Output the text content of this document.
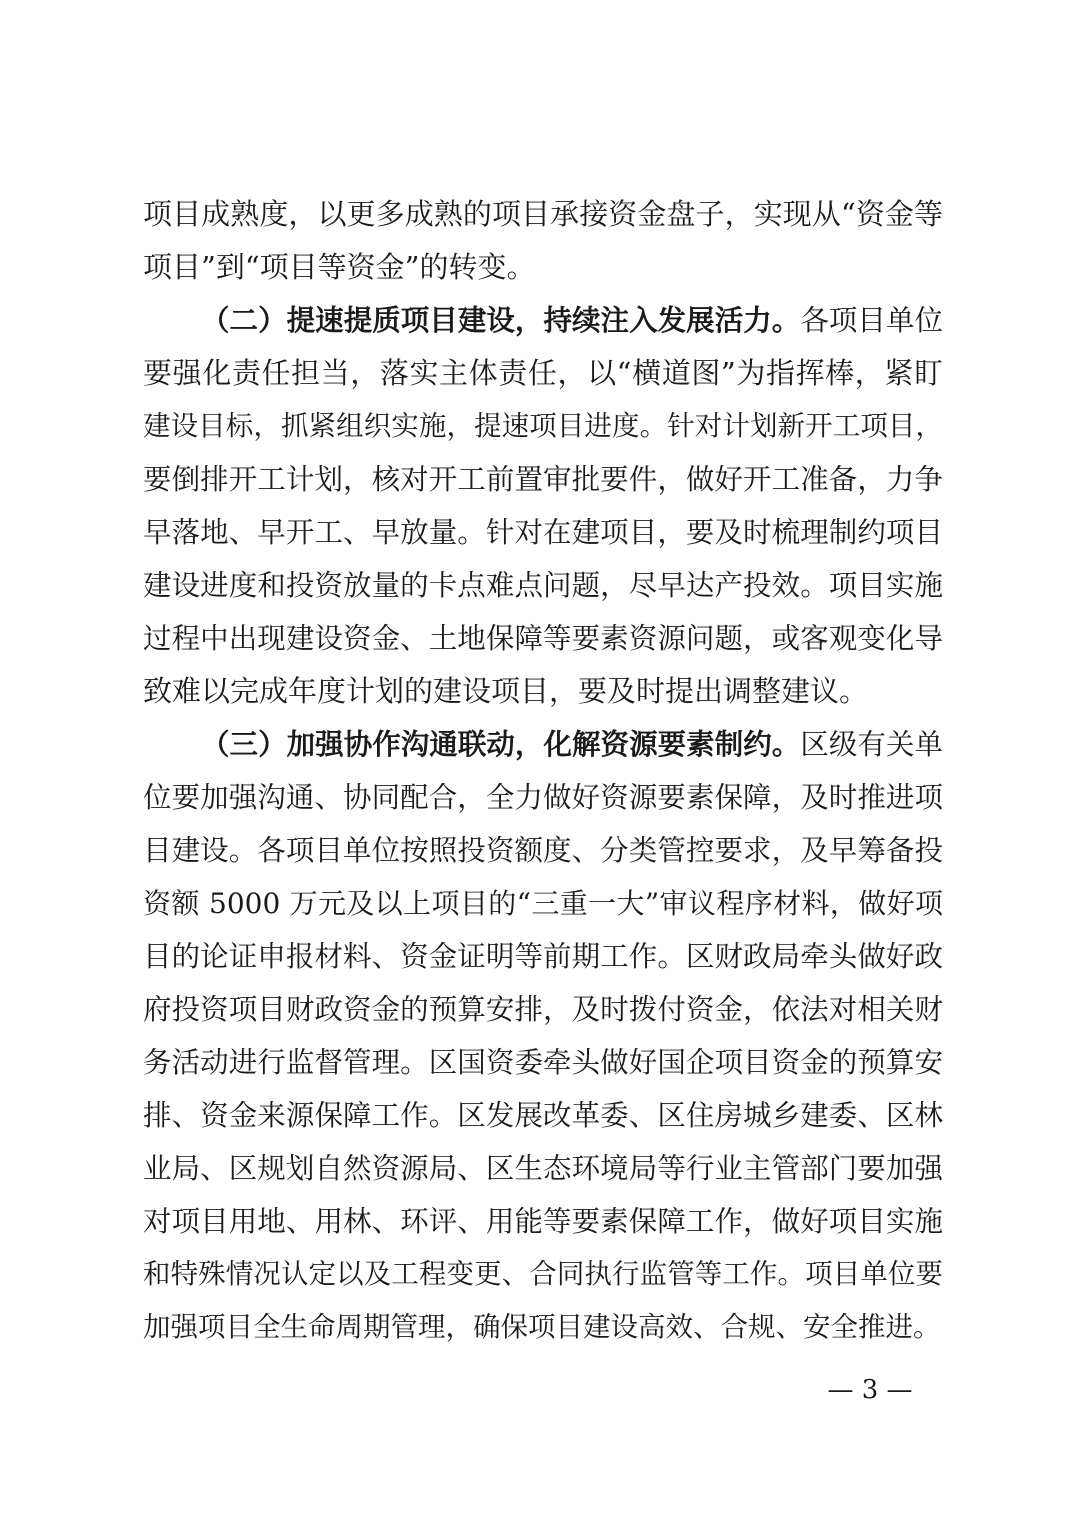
项目成熟度，以更多成熟的项目承接资金盘子，实现从“资金等
项目”到“项目等资金”的转变。
（二）提速提质项目建设，持续注入发展活力。各项目单位
要强化责任担当，落实主体责任，以“横道图”为指挥棒，紧盯
建设目标，抓紧组织实施，提速项目进度。针对计划新开工项目，
要倒排开工计划，核对开工前置审批要件，做好开工准备，力争
早落地、早开工、早放量。针对在建项目，要及时梳理制约项目
建设进度和投资放量的卡点难点问题，尽早达产投效。项目实施
过程中出现建设资金、土地保障等要素资源问题，或客观变化导
致难以完成年度计划的建设项目，要及时提出调整建议。
（三）加强协作沟通联动，化解资源要素制约。区级有关单
位要加强沟通、协同配合，全力做好资源要素保障，及时推进项
目建设。各项目单位按照投资额度、分类管控要求，及早筹备投
资额 5000 万元及以上项目的“三重一大”审议程序材料，做好项
目的论证申报材料、资金证明等前期工作。区财政局牵头做好政
府投资项目财政资金的预算安排，及时拨付资金，依法对相关财
务活动进行监督管理。区国资委牵头做好国企项目资金的预算安
排、资金来源保障工作。区发展改革委、区住房城乡建委、区林
业局、区规划自然资源局、区生态环境局等行业主管部门要加强
对项目用地、用林、环评、用能等要素保障工作，做好项目实施
和特殊情况认定以及工程变更、合同执行监管等工作。项目单位要
加强项目全生命周期管理，确保项目建设高效、合规、安全推进。
— 3 —
